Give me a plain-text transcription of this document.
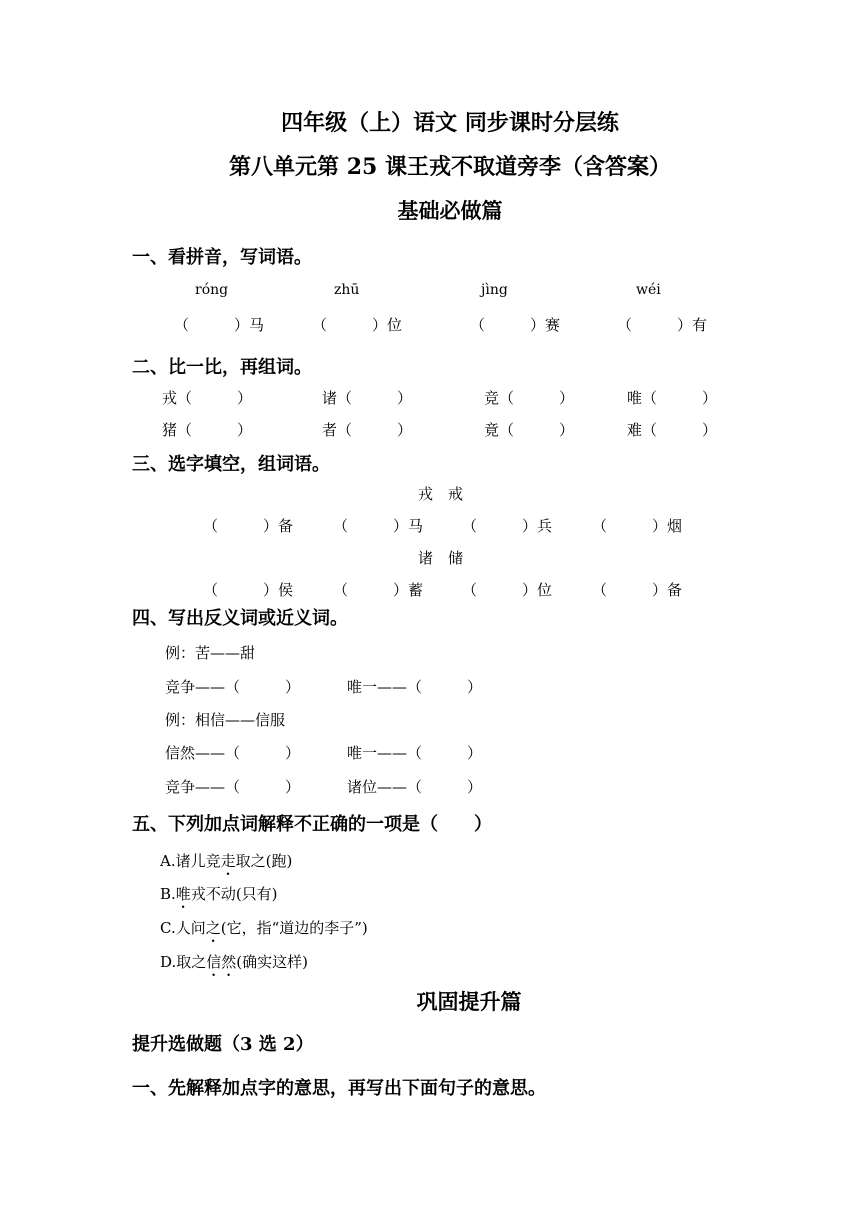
四年级（上）语文 同步课时分层练
第八单元第 25 课王戎不取道旁李（含答案）
基础必做篇
一、看拼音，写词语。
róng	zhū	jìng	wéi
（　　　）马	（　　　）位	（　　　）赛	（　　　）有
二、比一比，再组词。
戎（　　　）	诸（　　　）	竞（　　　）	唯（　　　）
猪（　　　）	者（　　　）	竟（　　　）	难（　　　）
三、选字填空，组词语。
戎　戒
（　　　）备	（　　　）马	（　　　）兵	（　　　）烟
诸　储
（　　　）侯	（　　　）蓄	（　　　）位	（　　　）备
四、写出反义词或近义词。
例：苦——甜
竞争——（　　　）	唯一——（　　　）
例：相信——信服
信然——（　　　）	唯一——（　　　）
竞争——（　　　）	诸位——（　　　）
五、下列加点词解释不正确的一项是（　　）
A.诸儿竞走取之(跑)
B.唯戎不动(只有)
C.人问之(它，指“道边的李子”)
D.取之信然(确实这样)
巩固提升篇
提升选做题（3 选 2）
一、先解释加点字的意思，再写出下面句子的意思。
